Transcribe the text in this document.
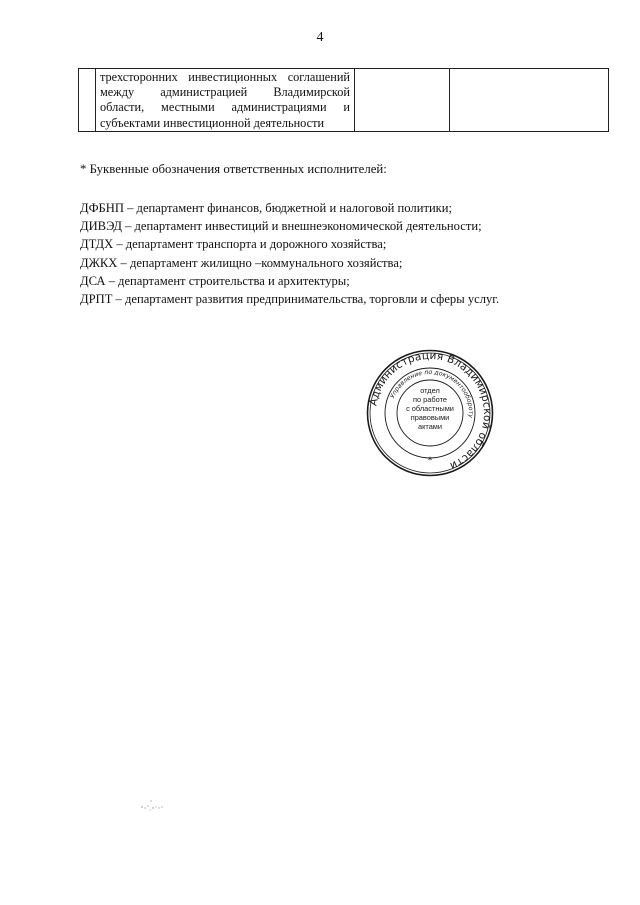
4

трехсторонних инвестиционных соглашений
между администрацией Владимирской
области, местными администрациями и
субъектами инвестиционной деятельности

* Буквенные обозначения ответственных исполнителей:
ДФБНП – департамент финансов, бюджетной и налоговой политики;
ДИВЭД – департамент инвестиций и внешнеэкономической деятельности;
ДТДХ – департамент транспорта и дорожного хозяйства;
ДЖКХ – департамент жилищно –коммунального хозяйства;
ДСА – департамент строительства и архитектуры;
ДРПТ – департамент развития предпринимательства, торговли и сферы услуг.
Администрация Владимирской области
Управление по документообороту
отдел
по работе
с областными
правовыми
актами
*
